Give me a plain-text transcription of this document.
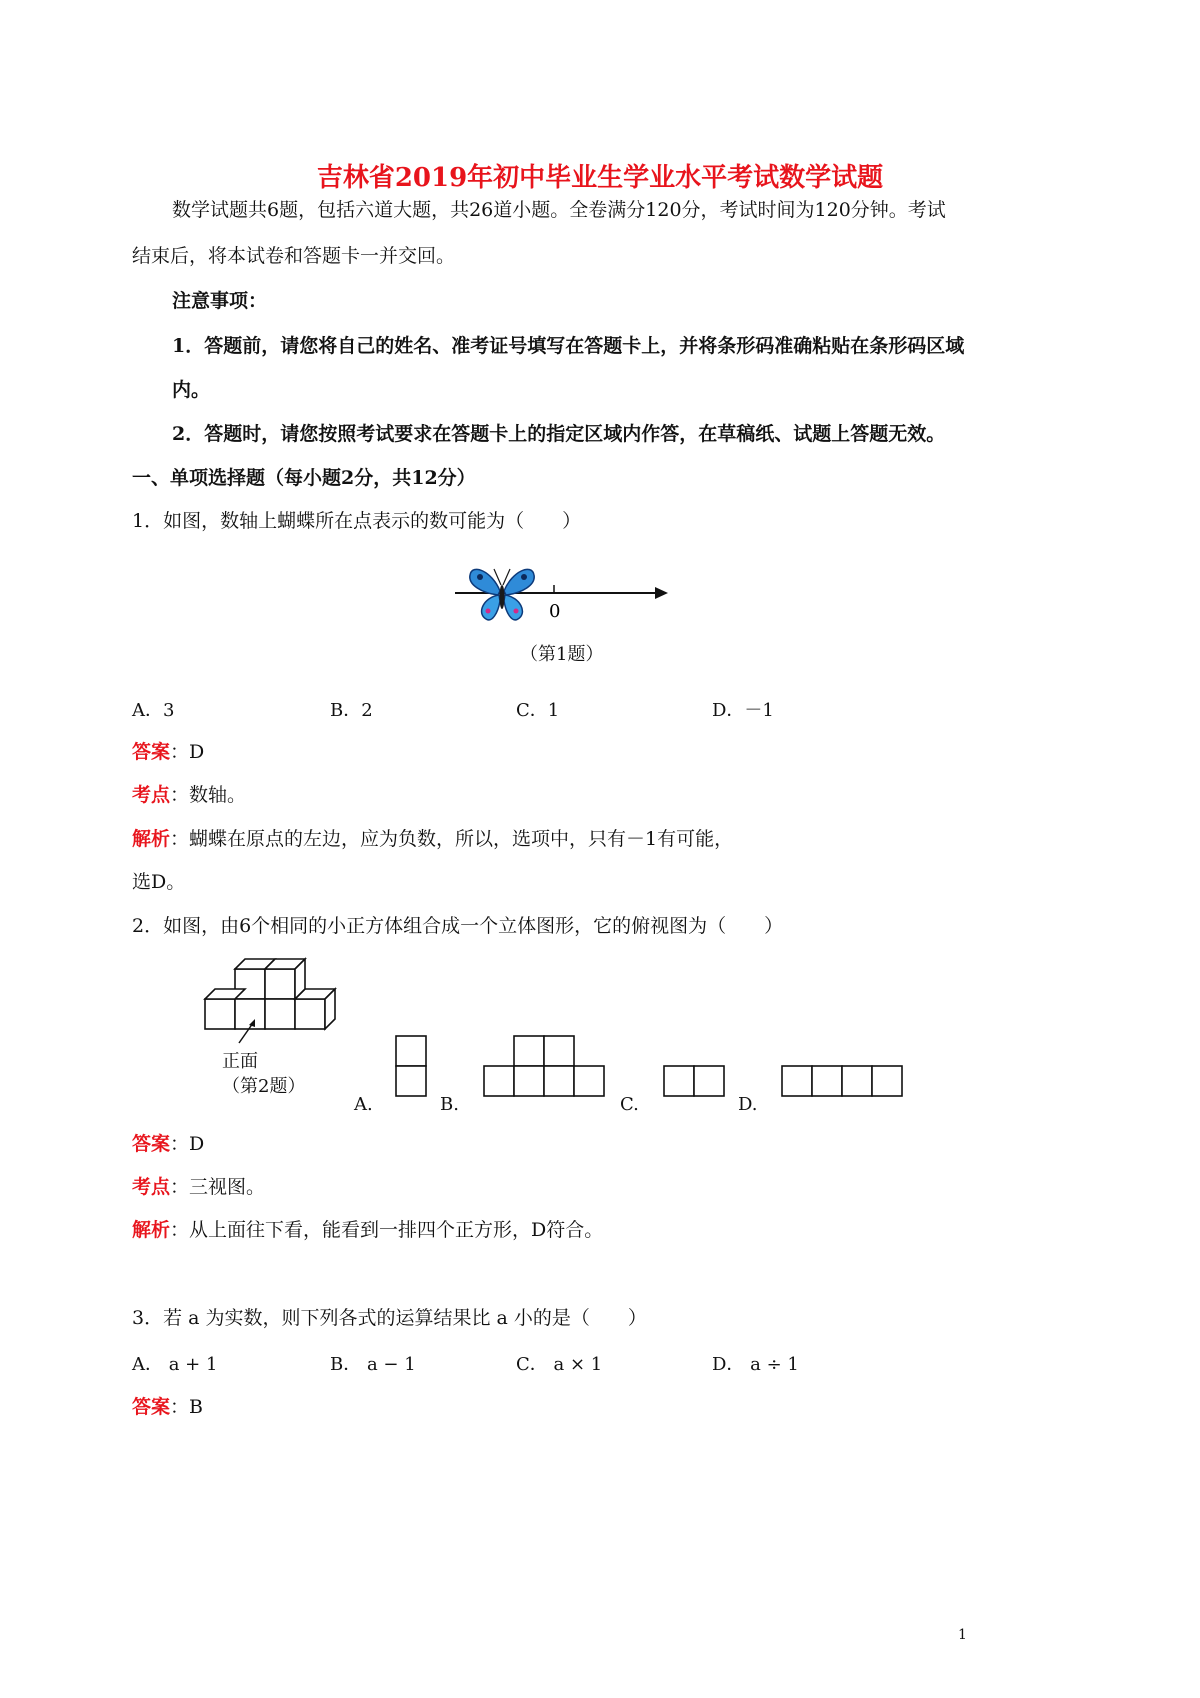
吉林省2019年初中毕业生学业水平考试数学试题
数学试题共6题，包括六道大题，共26道小题。全卷满分120分，考试时间为120分钟。考试
结束后，将本试卷和答题卡一并交回。
注意事项：
1．答题前，请您将自己的姓名、准考证号填写在答题卡上，并将条形码准确粘贴在条形码区域
内。
2．答题时，请您按照考试要求在答题卡上的指定区域内作答，在草稿纸、试题上答题无效。
一、单项选择题（每小题2分，共12分）
1．如图，数轴上蝴蝶所在点表示的数可能为（　　）
0
（第1题）
A．3	B．2	C．1	D．－1
答案：D
考点：数轴。
解析：蝴蝶在原点的左边，应为负数，所以，选项中，只有－1有可能，
选D。
2．如图，由6个相同的小正方体组合成一个立体图形，它的俯视图为（　　）
正面
（第2题）
A.	B.	C.	D.
答案：D
考点：三视图。
解析：从上面往下看，能看到一排四个正方形，D符合。
3．若 a 为实数，则下列各式的运算结果比 a 小的是（　　）
A． a + 1	B． a − 1	C． a × 1	D． a ÷ 1
答案：B
1
